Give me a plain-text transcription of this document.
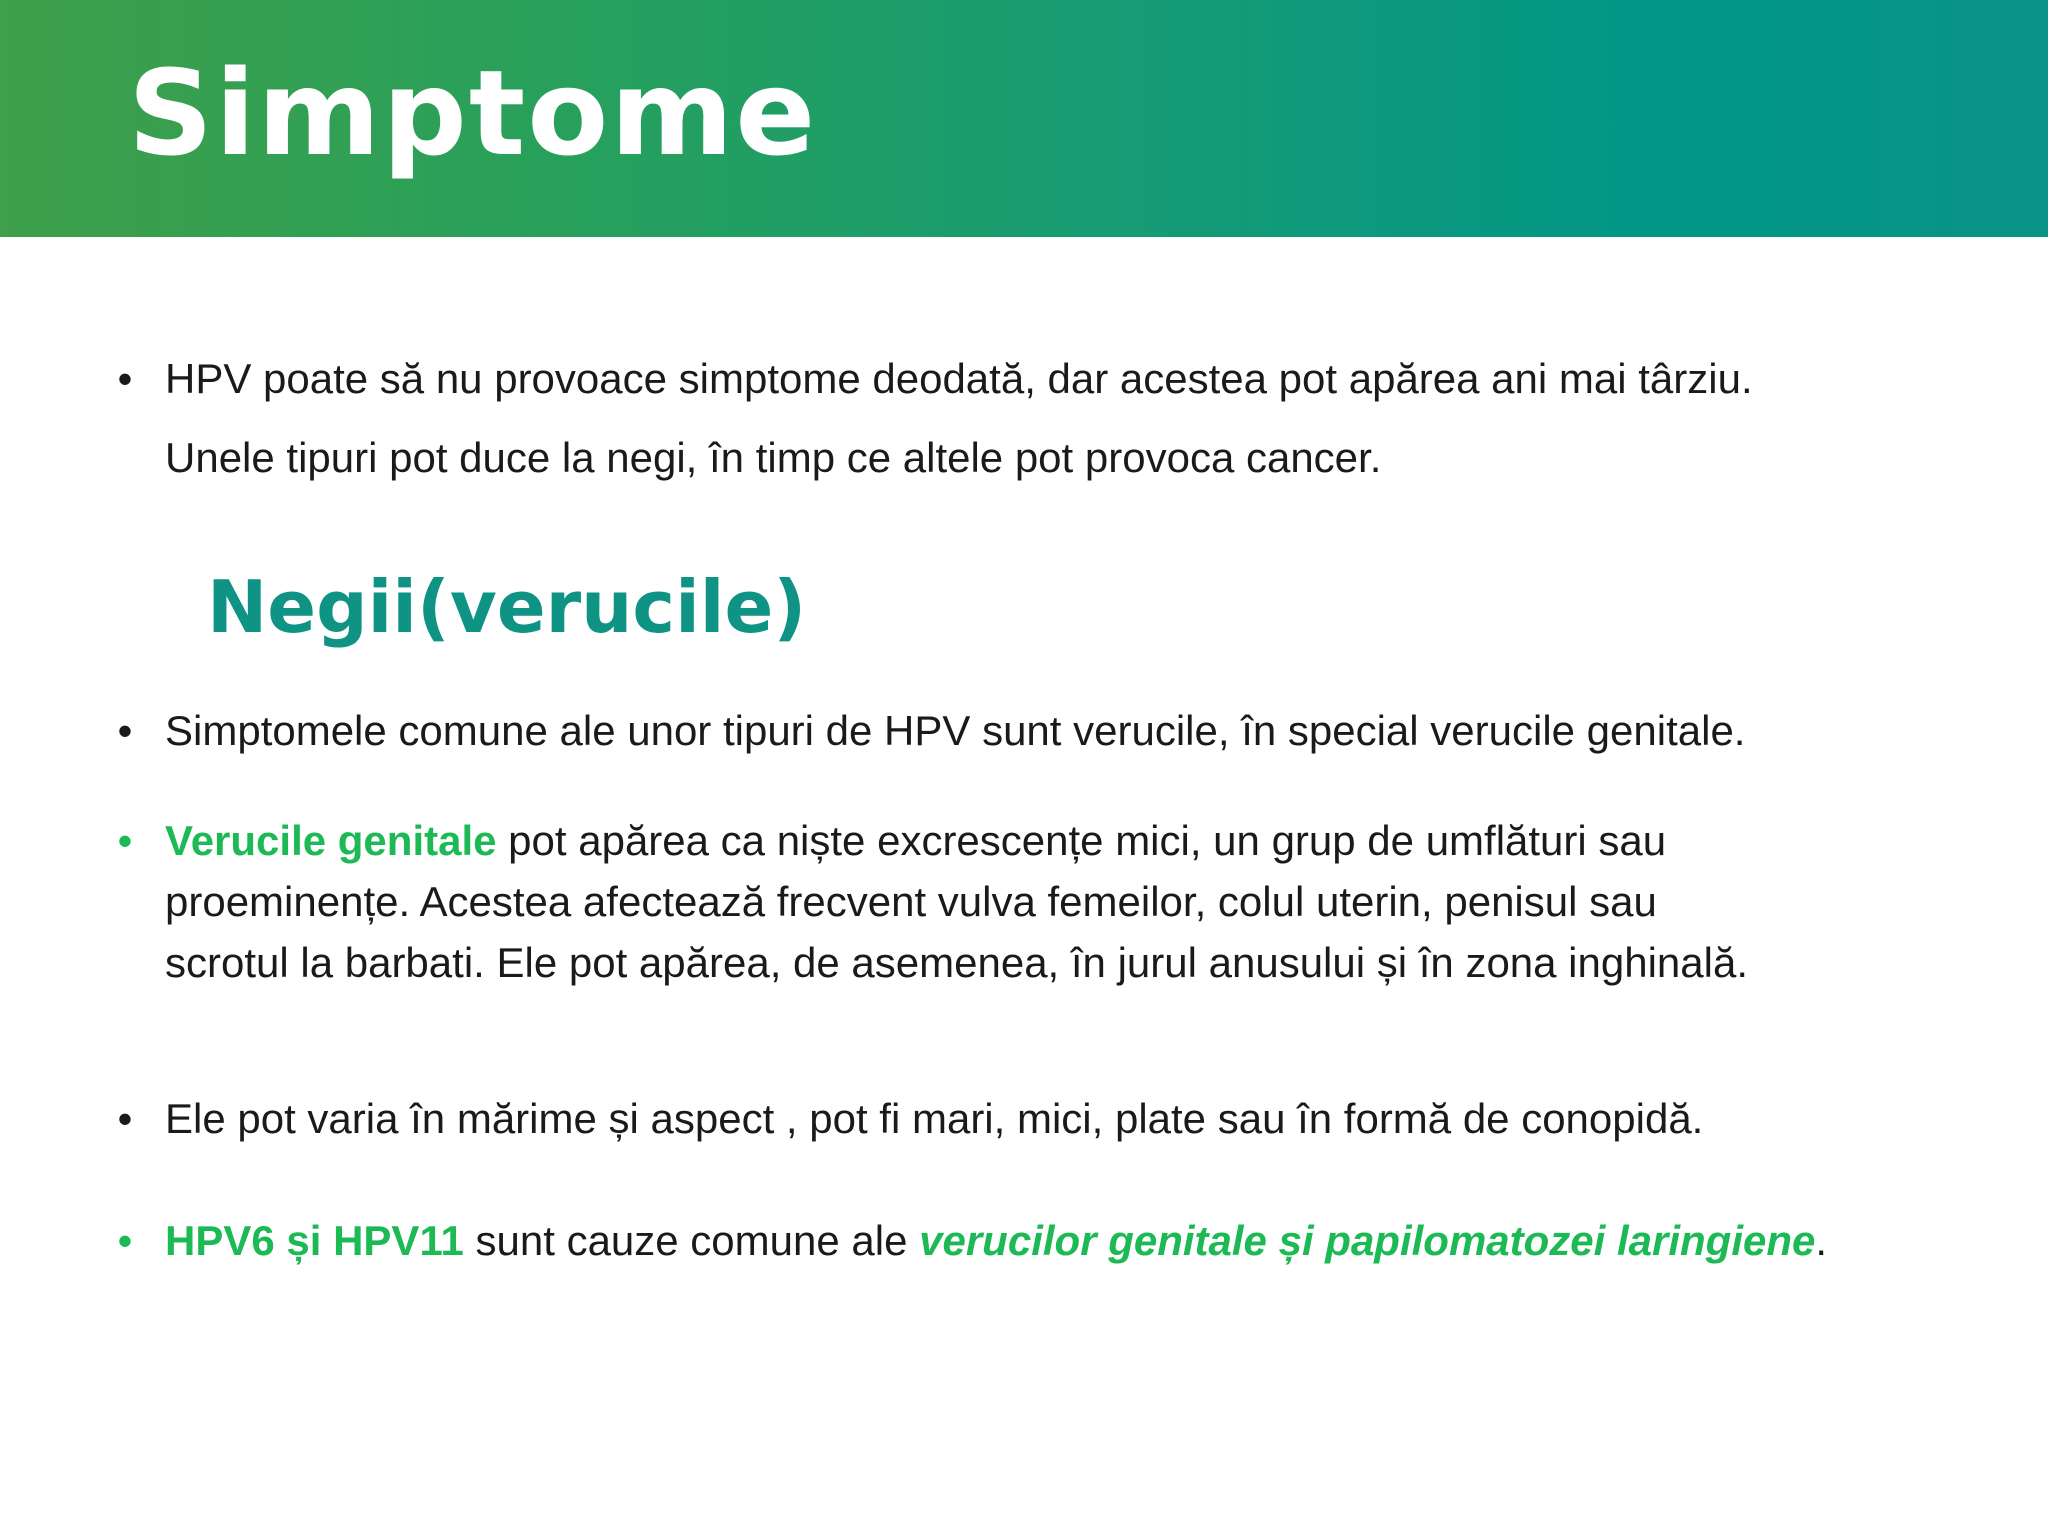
Simptome
• HPV poate să nu provoace simptome deodată, dar acestea pot apărea ani mai târziu.
Unele tipuri pot duce la negi, în timp ce altele pot provoca cancer.
Negii(verucile)
• Simptomele comune ale unor tipuri de HPV sunt verucile, în special verucile genitale.
• Verucile genitale pot apărea ca niște excrescențe mici, un grup de umflături sau
proeminențe. Acestea afectează frecvent vulva femeilor, colul uterin, penisul sau
scrotul la barbati. Ele pot apărea, de asemenea, în jurul anusului și în zona inghinală.
• Ele pot varia în mărime și aspect , pot fi mari, mici, plate sau în formă de conopidă.
• HPV6 și HPV11 sunt cauze comune ale verucilor genitale și papilomatozei laringiene.
